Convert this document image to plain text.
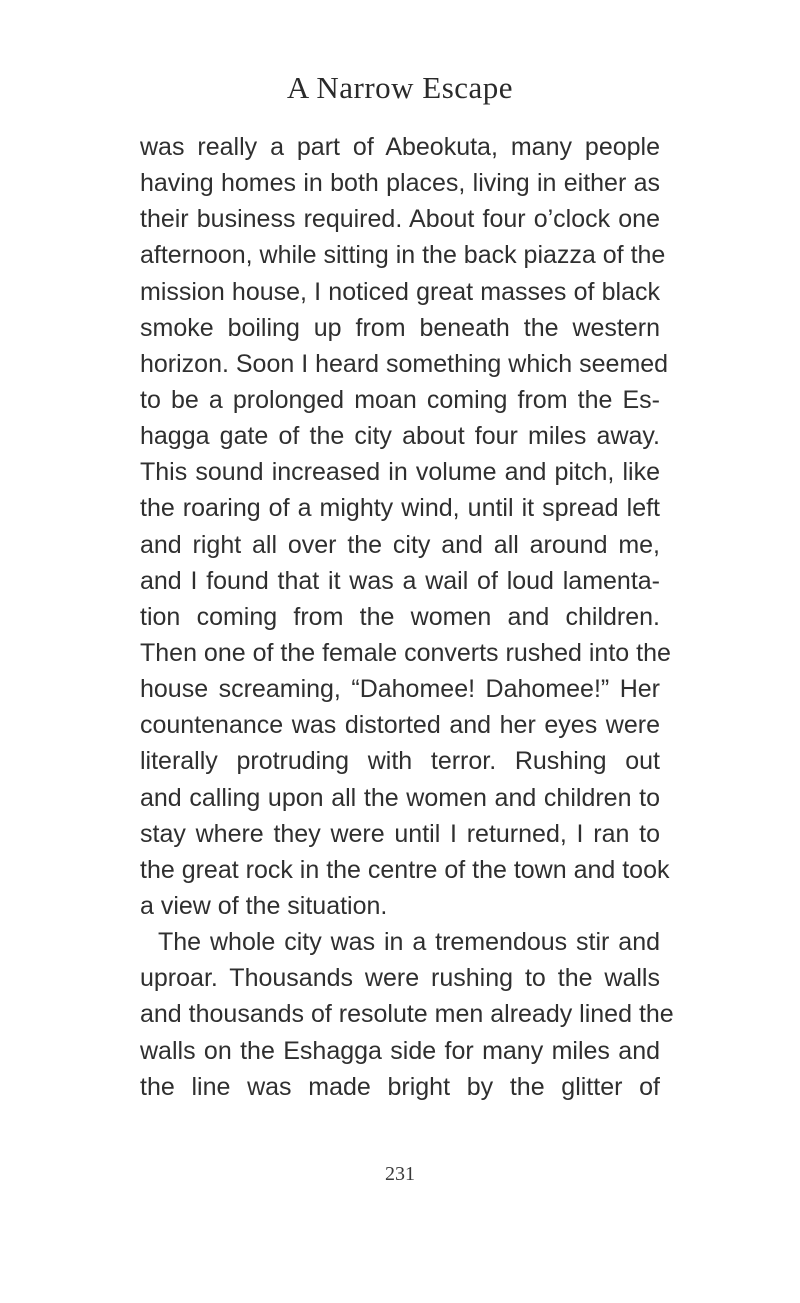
A Narrow Escape
was really a part of Abeokuta, many people
having homes in both places, living in either as
their business required. About four o’clock one
afternoon, while sitting in the back piazza of the
mission house, I noticed great masses of black
smoke boiling up from beneath the western
horizon. Soon I heard something which seemed
to be a prolonged moan coming from the Es-
hagga gate of the city about four miles away.
This sound increased in volume and pitch, like
the roaring of a mighty wind, until it spread left
and right all over the city and all around me,
and I found that it was a wail of loud lamenta-
tion coming from the women and children.
Then one of the female converts rushed into the
house screaming, “Dahomee! Dahomee!” Her
countenance was distorted and her eyes were
literally protruding with terror. Rushing out
and calling upon all the women and children to
stay where they were until I returned, I ran to
the great rock in the centre of the town and took
a view of the situation.
The whole city was in a tremendous stir and
uproar. Thousands were rushing to the walls
and thousands of resolute men already lined the
walls on the Eshagga side for many miles and
the line was made bright by the glitter of
231
